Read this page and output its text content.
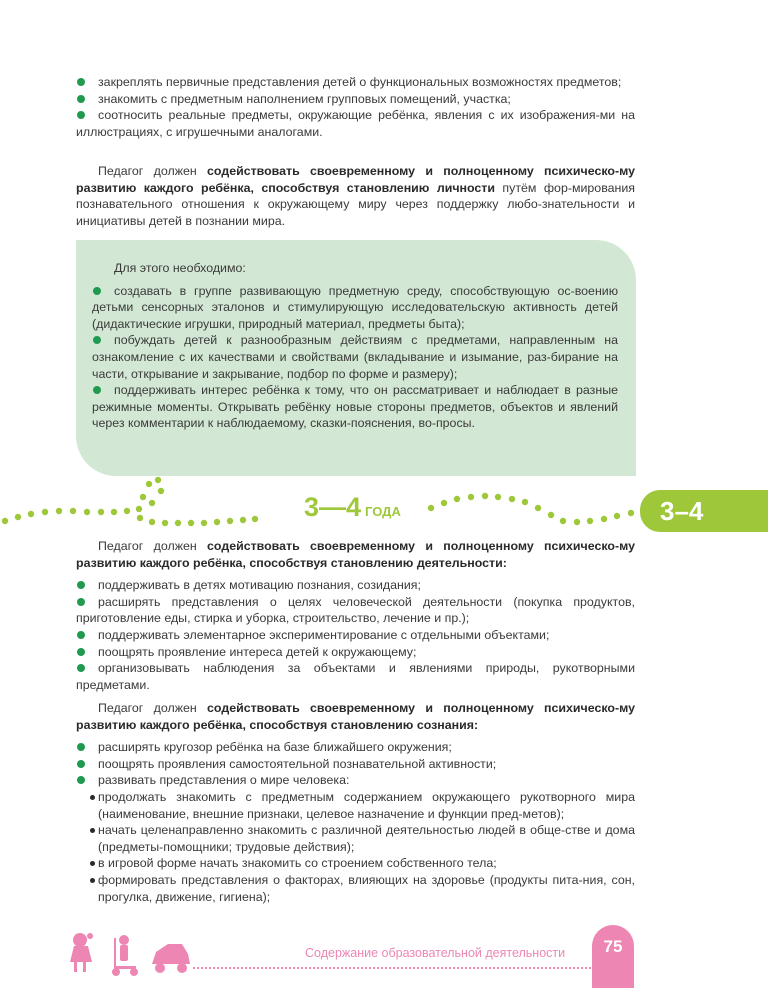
закреплять первичные представления детей о функциональных возможностях предметов;

знакомить с предметным наполнением групповых помещений, участка;

соотносить реальные предметы, окружающие ребёнка, явления с их изображения-ми на иллюстрациях, с игрушечными аналогами.

Педагог должен содействовать своевременному и полноценному психическо-му развитию каждого ребёнка, способствуя становлению личности путём фор-мирования познавательного отношения к окружающему миру через поддержку любо-знательности и инициативы детей в познании мира.

Для этого необходимо:

создавать в группе развивающую предметную среду, способствующую ос-воению детьми сенсорных эталонов и стимулирующую исследовательскую активность детей (дидактические игрушки, природный материал, предметы быта);

побуждать детей к разнообразным действиям с предметами, направленным на ознакомление с их качествами и свойствами (вкладывание и изымание, раз-бирание на части, открывание и закрывание, подбор по форме и размеру);

поддерживать интерес ребёнка к тому, что он рассматривает и наблюдает в разные режимные моменты. Открывать ребёнку новые стороны предметов, объектов и явлений через комментарии к наблюдаемому, сказки-пояснения, во-просы.

3—4 ГОДА	3–4

Педагог должен содействовать своевременному и полноценному психическо-му развитию каждого ребёнка, способствуя становлению деятельности:

поддерживать в детях мотивацию познания, созидания;

расширять представления о целях человеческой деятельности (покупка продуктов, приготовление еды, стирка и уборка, строительство, лечение и пр.);

поддерживать элементарное экспериментирование с отдельными объектами;

поощрять проявление интереса детей к окружающему;

организовывать наблюдения за объектами и явлениями природы, рукотворными предметами.

Педагог должен содействовать своевременному и полноценному психическо-му развитию каждого ребёнка, способствуя становлению сознания:

расширять кругозор ребёнка на базе ближайшего окружения;

поощрять проявления самостоятельной познавательной активности;

развивать представления о мире человека:

продолжать знакомить с предметным содержанием окружающего рукотворного мира (наименование, внешние признаки, целевое назначение и функции пред-метов);

начать целенаправленно знакомить с различной деятельностью людей в обще-стве и дома (предметы-помощники; трудовые действия);

в игровой форме начать знакомить со строением собственного тела;

формировать представления о факторах, влияющих на здоровье (продукты пита-ния, сон, прогулка, движение, гигиена);

Содержание образовательной деятельности	75
